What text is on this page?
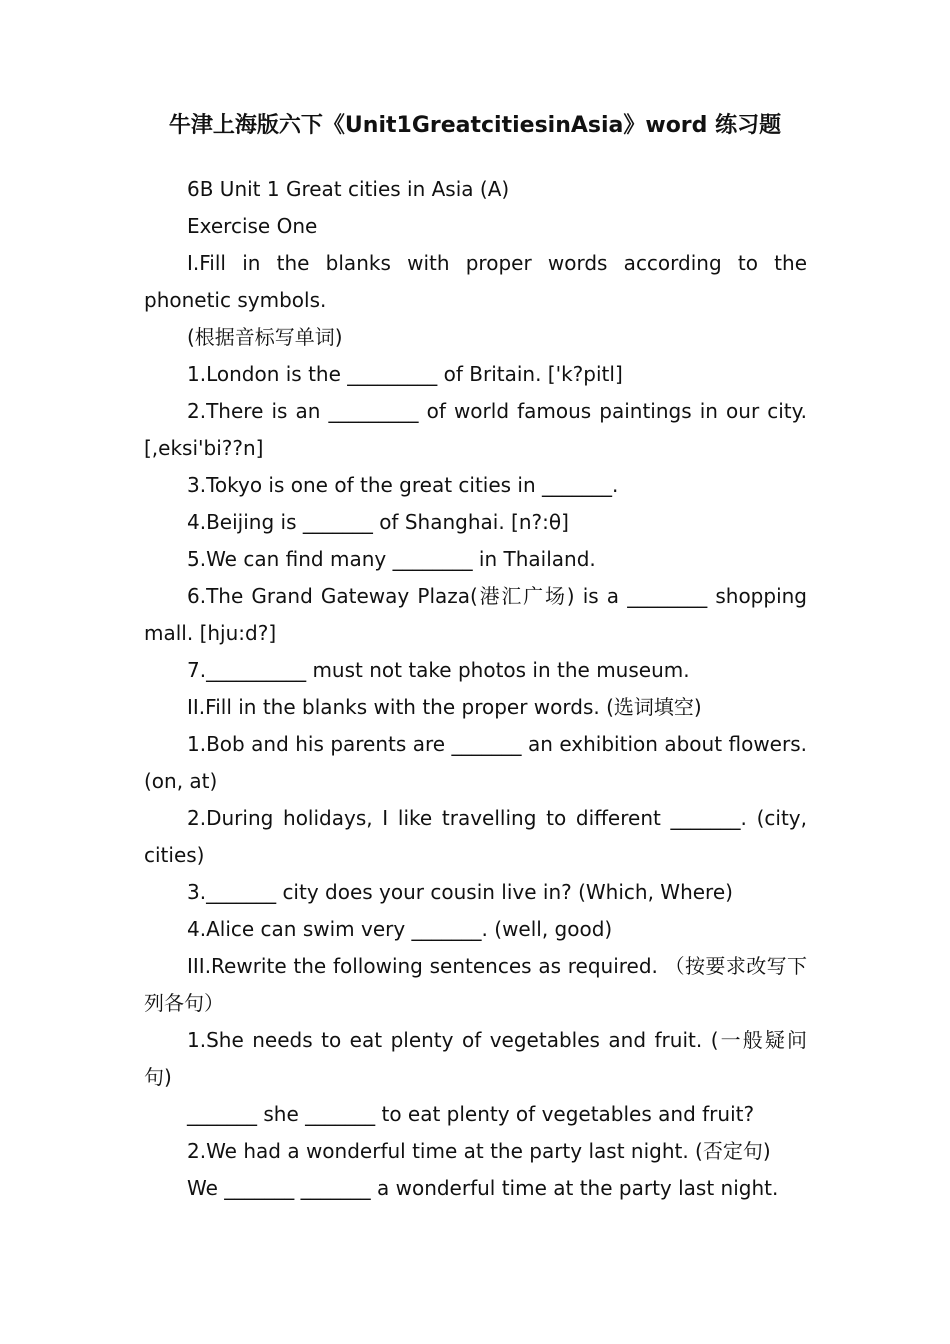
牛津上海版六下《Unit1GreatcitiesinAsia》word 练习题

6B Unit 1 Great cities in Asia (A)

Exercise One

I.Fill in the blanks with proper words according to the phonetic symbols.

(根据音标写单词)

1.London is the _________ of Britain. ['k?pitl]

2.There is an _________ of world famous paintings in our city. [,eksi'bi??n]

3.Tokyo is one of the great cities in _______.

4.Beijing is _______ of Shanghai. [n?:θ]

5.We can find many ________ in Thailand.

6.The Grand Gateway Plaza(港汇广场) is a ________ shopping mall. [hju:d?]

7.__________ must not take photos in the museum.

II.Fill in the blanks with the proper words. (选词填空)

1.Bob and his parents are _______ an exhibition about flowers. (on, at)

2.During holidays, I like travelling to different _______. (city, cities)

3._______ city does your cousin live in? (Which, Where)

4.Alice can swim very _______. (well, good)

III.Rewrite the following sentences as required. （按要求改写下列各句）

1.She needs to eat plenty of vegetables and fruit. (一般疑问句)

_______ she _______ to eat plenty of vegetables and fruit?

2.We had a wonderful time at the party last night. (否定句)

We _______ _______ a wonderful time at the party last night.
